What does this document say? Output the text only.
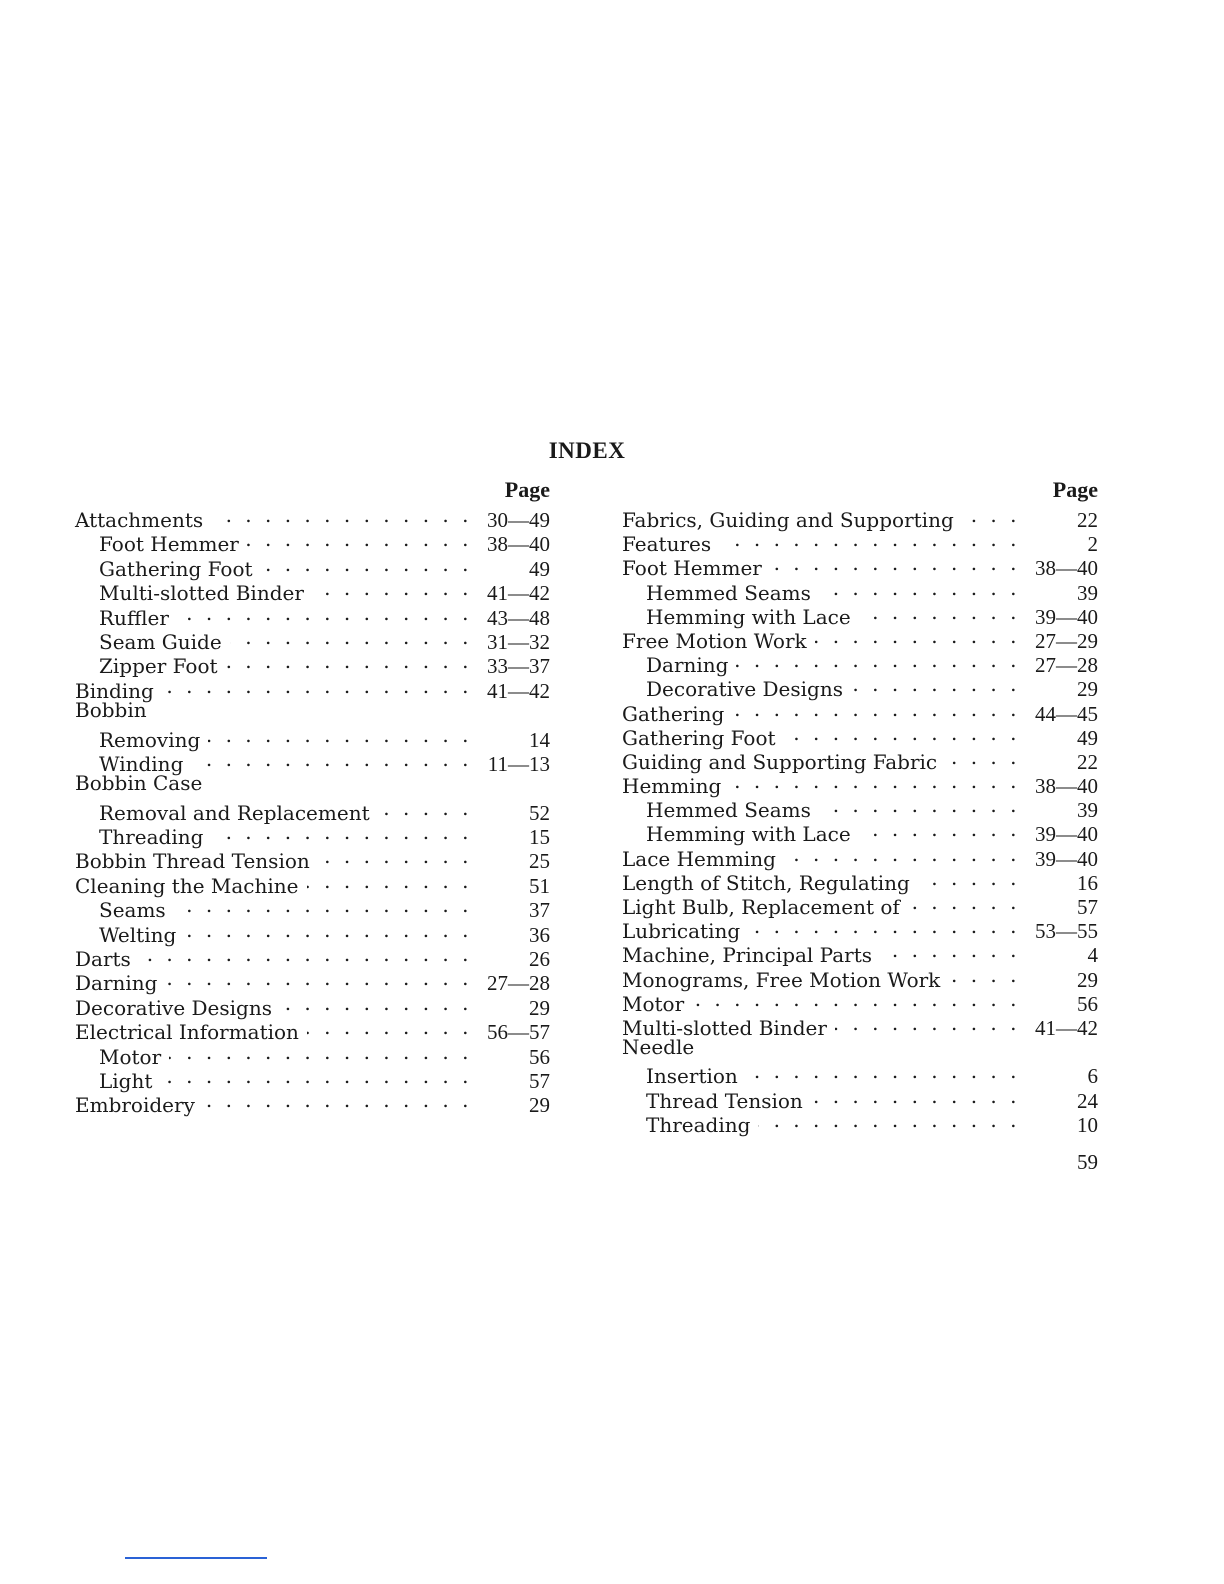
INDEX
Page
Attachments . . .	30—49
Foot Hemmer . . .	38—40
Gathering Foot . . .	49
Multi-slotted Binder . . .	41—42
Ruffler . . .	43—48
Seam Guide . . .	31—32
Zipper Foot . . .	33—37
Binding . . .	41—42
Bobbin
Removing . . .	14
Winding . . .	11—13
Bobbin Case
Removal and Replacement . . .	52
Threading . . .	15
Bobbin Thread Tension . . .	25
Cleaning the Machine . . .	51
Seams . . .	37
Welting . . .	36
Darts . . .	26
Darning . . .	27—28
Decorative Designs . . .	29
Electrical Information . . .	56—57
Motor . . .	56
Light . . .	57
Embroidery . . .	29
Page
Fabrics, Guiding and Supporting . . .	22
Features . . .	2
Foot Hemmer . . .	38—40
Hemmed Seams . . .	39
Hemming with Lace . . .	39—40
Free Motion Work . . .	27—29
Darning . . .	27—28
Decorative Designs . . .	29
Gathering . . .	44—45
Gathering Foot . . .	49
Guiding and Supporting Fabric . . .	22
Hemming . . .	38—40
Hemmed Seams . . .	39
Hemming with Lace . . .	39—40
Lace Hemming . . .	39—40
Length of Stitch, Regulating . . .	16
Light Bulb, Replacement of . . .	57
Lubricating . . .	53—55
Machine, Principal Parts . . .	4
Monograms, Free Motion Work . . .	29
Motor . . .	56
Multi-slotted Binder . . .	41—42
Needle
Insertion . . .	6
Thread Tension . . .	24
Threading . . .	10
59
